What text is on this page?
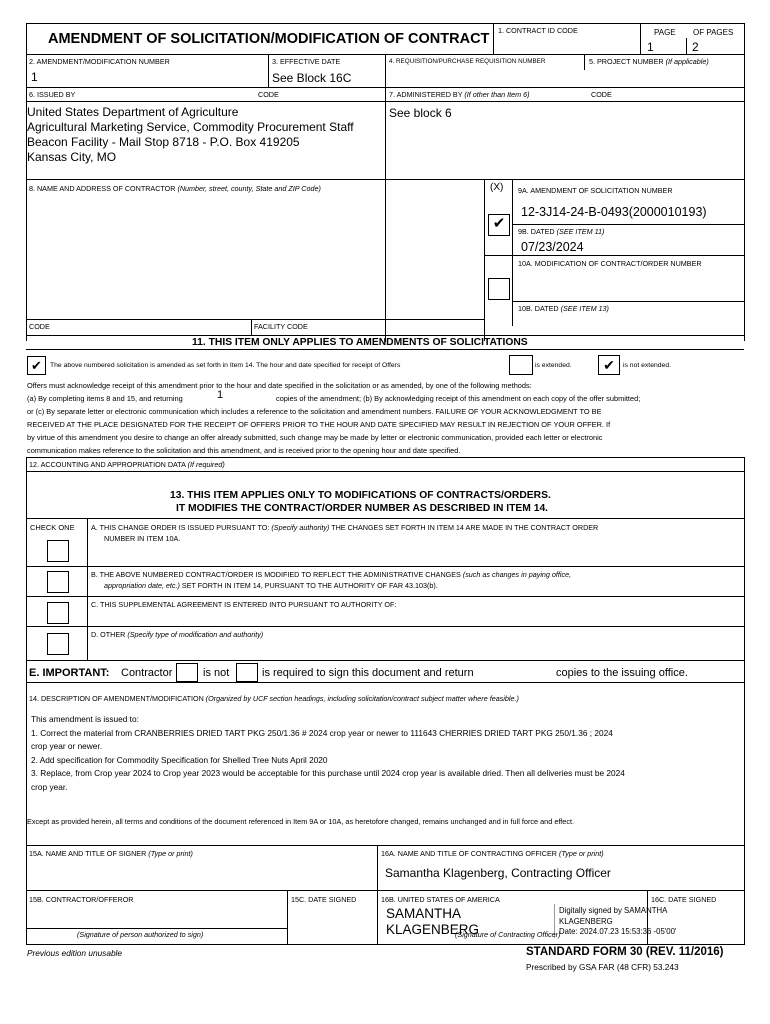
AMENDMENT OF SOLICITATION/MODIFICATION OF CONTRACT
1. CONTRACT ID CODE	PAGE OF PAGES
1	2
2. AMENDMENT/MODIFICATION NUMBER
1
3. EFFECTIVE DATE
See Block 16C
4. REQUISITION/PURCHASE REQUISITION NUMBER	5. PROJECT NUMBER (If applicable)
6. ISSUED BY	CODE	7. ADMINISTERED BY (If other than Item 6)	CODE
United States Department of Agriculture
Agricultural Marketing Service, Commodity Procurement Staff
Beacon Facility - Mail Stop 8718 - P.O. Box 419205
Kansas City, MO
See block 6
8. NAME AND ADDRESS OF CONTRACTOR (Number, street, county, State and ZIP Code)	(X) 9A. AMENDMENT OF SOLICITATION NUMBER
12-3J14-24-B-0493(2000010193)
✔	9B. DATED (SEE ITEM 11)
07/23/2024
10A. MODIFICATION OF CONTRACT/ORDER NUMBER
10B. DATED (SEE ITEM 13)
CODE	FACILITY CODE
11. THIS ITEM ONLY APPLIES TO AMENDMENTS OF SOLICITATIONS
✔	The above numbered solicitation is amended as set forth in Item 14. The hour and date specified for receipt of Offers	is extended.	✔	is not extended.
Offers must acknowledge receipt of this amendment prior to the hour and date specified in the solicitation or as amended, by one of the following methods:
(a) By completing items 8 and 15, and returning	1	copies of the amendment; (b) By acknowledging receipt of this amendment on each copy of the offer submitted;
or (c) By separate letter or electronic communication which includes a reference to the solicitation and amendment numbers. FAILURE OF YOUR ACKNOWLEDGMENT TO BE
RECEIVED AT THE PLACE DESIGNATED FOR THE RECEIPT OF OFFERS PRIOR TO THE HOUR AND DATE SPECIFIED MAY RESULT IN REJECTION OF YOUR OFFER. If
by virtue of this amendment you desire to change an offer already submitted, such change may be made by letter or electronic communication, provided each letter or electronic
communication makes reference to the solicitation and this amendment, and is received prior to the opening hour and date specified.
12. ACCOUNTING AND APPROPRIATION DATA (If required)
13. THIS ITEM APPLIES ONLY TO MODIFICATIONS OF CONTRACTS/ORDERS.
IT MODIFIES THE CONTRACT/ORDER NUMBER AS DESCRIBED IN ITEM 14.
CHECK ONE A. THIS CHANGE ORDER IS ISSUED PURSUANT TO: (Specify authority) THE CHANGES SET FORTH IN ITEM 14 ARE MADE IN THE CONTRACT ORDER
NUMBER IN ITEM 10A.
B. THE ABOVE NUMBERED CONTRACT/ORDER IS MODIFIED TO REFLECT THE ADMINISTRATIVE CHANGES (such as changes in paying office,
appropriation date, etc.) SET FORTH IN ITEM 14, PURSUANT TO THE AUTHORITY OF FAR 43.103(b).
C. THIS SUPPLEMENTAL AGREEMENT IS ENTERED INTO PURSUANT TO AUTHORITY OF:
D. OTHER (Specify type of modification and authority)
E. IMPORTANT: Contractor	is not	is required to sign this document and return	copies to the issuing office.
14. DESCRIPTION OF AMENDMENT/MODIFICATION (Organized by UCF section headings, including solicitation/contract subject matter where feasible.)
This amendment is issued to:
1. Correct the material from CRANBERRIES DRIED TART PKG 250/1.36 # 2024 crop year or newer to 111643 CHERRIES DRIED TART PKG 250/1.36 ; 2024
crop year or newer.
2. Add specification for Commodity Specification for Shelled Tree Nuts April 2020
3. Replace, from Crop year 2024 to Crop year 2023 would be acceptable for this purchase until 2024 crop year is available dried. Then all deliveries must be 2024
crop year.
Except as provided herein, all terms and conditions of the document referenced in Item 9A or 10A, as heretofore changed, remains unchanged and in full force and effect.
15A. NAME AND TITLE OF SIGNER (Type or print)	16A. NAME AND TITLE OF CONTRACTING OFFICER (Type or print)
Samantha Klagenberg, Contracting Officer
15B. CONTRACTOR/OFFEROR	15C. DATE SIGNED	16B. UNITED STATES OF AMERICA	16C. DATE SIGNED
(Signature of person authorized to sign)
SAMANTHA
KLAGENBERG
Digitally signed by SAMANTHA
KLAGENBERG
Date: 2024.07.23 15:53:36 -05'00'
(Signature of Contracting Officer)
Previous edition unusable	STANDARD FORM 30 (REV. 11/2016)
Prescribed by GSA FAR (48 CFR) 53.243
